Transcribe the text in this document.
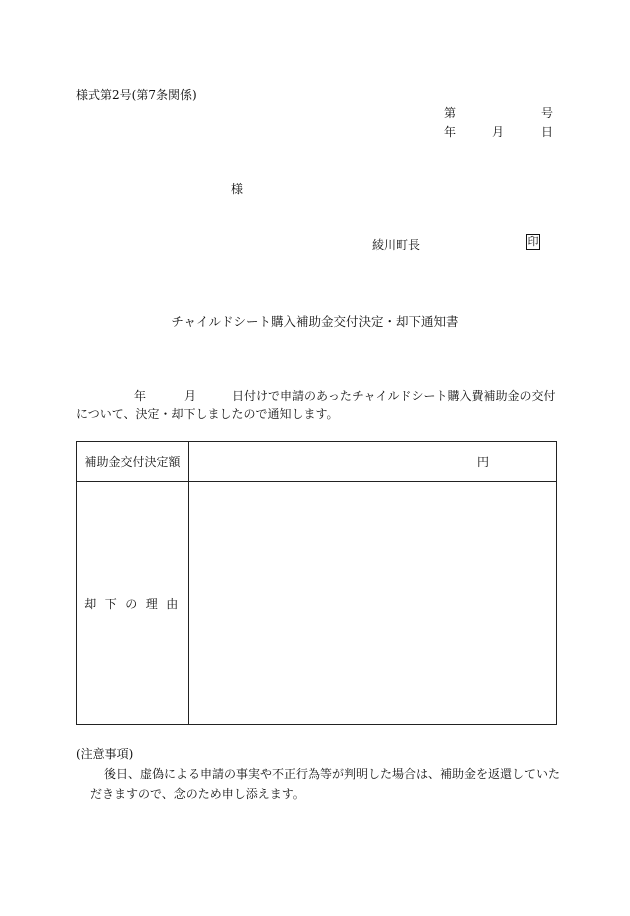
様式第2号(第7条関係)
第	号
年	月	日
様
綾川町長	印
チャイルドシート購入補助金交付決定・却下通知書
年	月	日付けで申請のあったチャイルドシート購入費補助金の交付
について、決定・却下しましたので通知します。
補助金交付決定額	円
却下の理由	
(注意事項)
後日、虚偽による申請の事実や不正行為等が判明した場合は、補助金を返還していた
だきますので、念のため申し添えます。
